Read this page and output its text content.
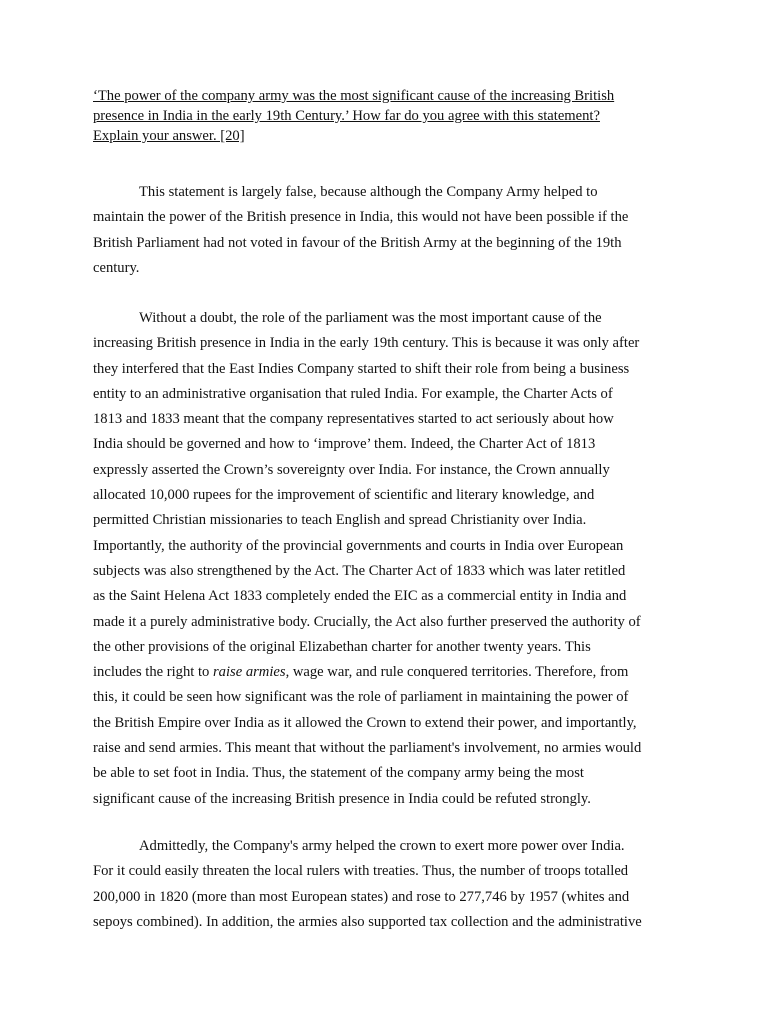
‘The power of the company army was the most significant cause of the increasing British
presence in India in the early 19th Century.’ How far do you agree with this statement?
Explain your answer. [20]

This statement is largely false, because although the Company Army helped to
maintain the power of the British presence in India, this would not have been possible if the
British Parliament had not voted in favour of the British Army at the beginning of the 19th
century.

Without a doubt, the role of the parliament was the most important cause of the
increasing British presence in India in the early 19th century. This is because it was only after
they interfered that the East Indies Company started to shift their role from being a business
entity to an administrative organisation that ruled India. For example, the Charter Acts of
1813 and 1833 meant that the company representatives started to act seriously about how
India should be governed and how to ‘improve’ them. Indeed, the Charter Act of 1813
expressly asserted the Crown’s sovereignty over India. For instance, the Crown annually
allocated 10,000 rupees for the improvement of scientific and literary knowledge, and
permitted Christian missionaries to teach English and spread Christianity over India.
Importantly, the authority of the provincial governments and courts in India over European
subjects was also strengthened by the Act. The Charter Act of 1833 which was later retitled
as the Saint Helena Act 1833 completely ended the EIC as a commercial entity in India and
made it a purely administrative body. Crucially, the Act also further preserved the authority of
the other provisions of the original Elizabethan charter for another twenty years. This
includes the right to raise armies, wage war, and rule conquered territories. Therefore, from
this, it could be seen how significant was the role of parliament in maintaining the power of
the British Empire over India as it allowed the Crown to extend their power, and importantly,
raise and send armies. This meant that without the parliament's involvement, no armies would
be able to set foot in India. Thus, the statement of the company army being the most
significant cause of the increasing British presence in India could be refuted strongly.

Admittedly, the Company's army helped the crown to exert more power over India.
For it could easily threaten the local rulers with treaties. Thus, the number of troops totalled
200,000 in 1820 (more than most European states) and rose to 277,746 by 1957 (whites and
sepoys combined). In addition, the armies also supported tax collection and the administrative
